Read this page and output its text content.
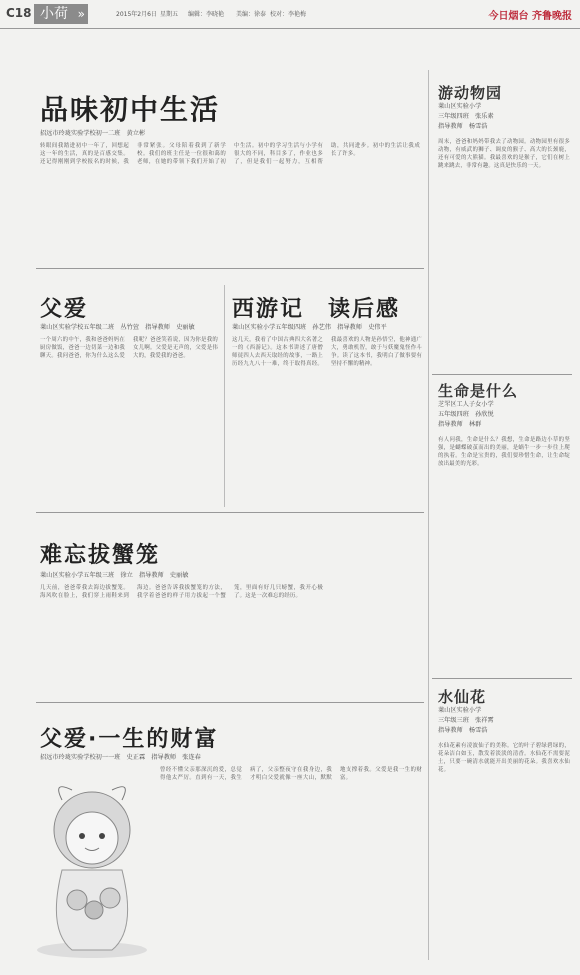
C18 小荷 »	2015年2月6日 星期五 编辑：李晓艳 美编：徐泰 校对：李艳梅	今日烟台 齐鲁晚报
品味初中生活
招远市玲珑实验学校初一二班　黄立彬
转眼间我踏进初中一年了，回想起这一年的生活，真的是百感交集。还记得刚刚到学校报名的时候，我非常紧张。父母陪着我到了新学校。我们的班主任是一位很和蔼的老师，在她的带领下我们开始了初中生活。初中的学习生活与小学有很大的不同，科目多了，作业也多了，但是我们一起努力，互相帮助，共同进步。初中的生活让我成长了许多。
游动物园
莱山区实验小学
三年级四班　张乐素
指导教师　杨雪浩
周末，爸爸和妈妈带我去了动物园。动物园里有很多动物，有威武的狮子、调皮的猴子、高大的长颈鹿，还有可爱的大熊猫。我最喜欢的是猴子，它们在树上跳来跳去，非常有趣。这真是快乐的一天。
生命是什么
芝罘区工人子女小学
五年级四班　孙欣悦
指导教师　林群
有人问我，生命是什么？我想，生命是路边小草的坚强，是蝴蝶破茧而出的美丽，是蜗牛一步一步往上爬的执着。生命是宝贵的，我们要珍惜生命，让生命绽放出最美的光彩。
水仙花
莱山区实验小学
三年级三班　张祥霄
指导教师　杨雪浩
水仙花素有凌波仙子的美称。它的叶子碧绿碧绿的，花朵洁白如玉，散发着淡淡的清香。水仙花不需要泥土，只要一碗清水就能开出美丽的花朵。我喜欢水仙花。
父爱
莱山区实验学校五年级二班　丛竹萱　指导教师　史丽敏
一个周六的中午，我和爸爸妈妈在厨房做饭，爸爸一边切菜一边和我聊天。我问爸爸，你为什么这么爱我呢？爸爸笑着说，因为你是我的女儿啊。父爱是无声的，父爱是伟大的，我爱我的爸爸。
西游记　读后感
莱山区实验小学五年级四班　孙艺伟　指导教师　史伟平
这几天，我看了中国古典四大名著之一的《西游记》。这本书讲述了唐僧师徒四人去西天取经的故事，一路上历经九九八十一难，终于取得真经。我最喜欢的人物是孙悟空，他神通广大，勇敢机智，敢于与妖魔鬼怪作斗争。读了这本书，我明白了做事要有坚持不懈的精神。
难忘拔蟹笼
莱山区实验小学五年级三班　徐立　指导教师　史丽敏
几天前，爸爸带我去海边拔蟹笼。海风吹在脸上，我们穿上雨鞋来到海边。爸爸告诉我拔蟹笼的方法，我学着爸爸的样子用力拔起一个蟹笼，里面有好几只螃蟹，我开心极了。这是一次难忘的经历。
父爱·一生的财富
招远市玲珑实验学校初一一班　史正霖　指导教师　张连春
曾经不懂父亲那深沉的爱，总觉得他太严厉。直到有一天，我生病了，父亲整夜守在我身边，我才明白父爱就像一座大山，默默地支撑着我。父爱是我一生的财富。
